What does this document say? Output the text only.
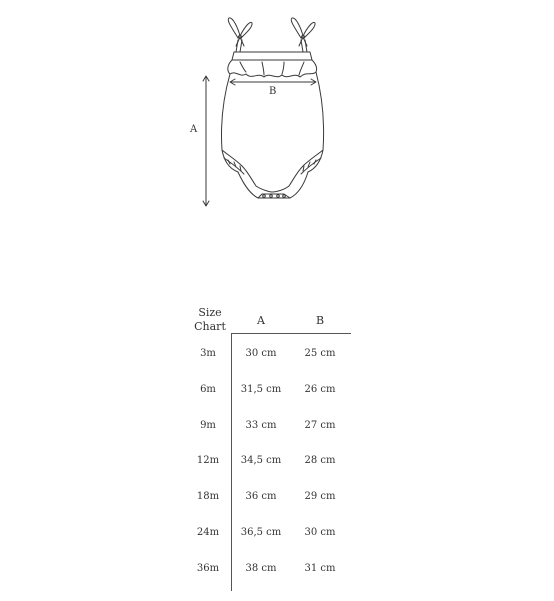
A
B
Size
Chart	A	B
3m	30 cm	25 cm
6m	31,5 cm	26 cm
9m	33 cm	27 cm
12m	34,5 cm	28 cm
18m	36 cm	29 cm
24m	36,5 cm	30 cm
36m	38 cm	31 cm
